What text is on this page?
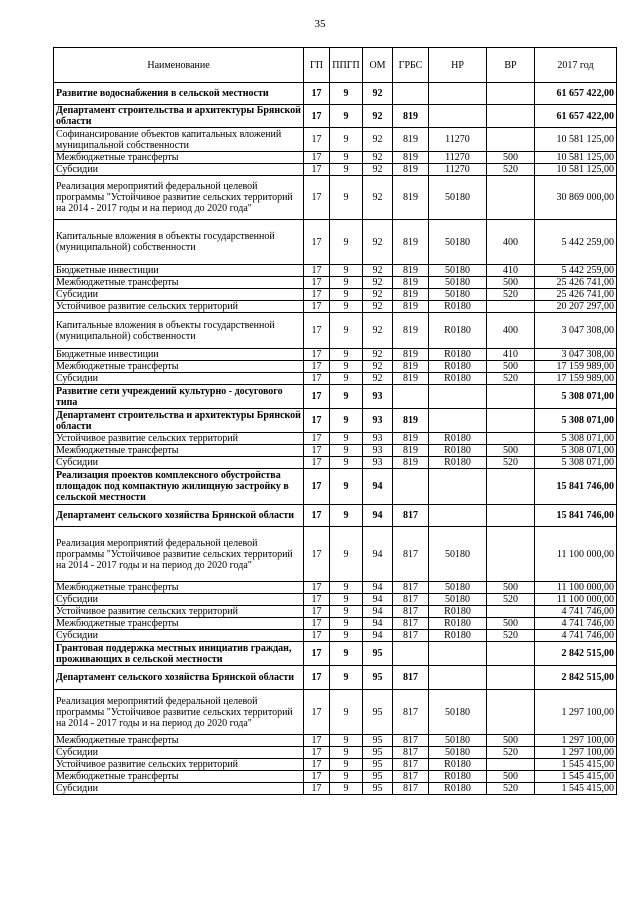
35
Наименование	ГП	ППГП	ОМ	ГРБС	НР	ВР	2017 год
Развитие водоснабжения в сельской местности	17	9	92				61 657 422,00
Департамент строительства и архитектуры Брянской области	17	9	92	819			61 657 422,00
Софинансирование объектов капитальных вложений муниципальной собственности	17	9	92	819	11270		10 581 125,00
Межбюджетные трансферты	17	9	92	819	11270	500	10 581 125,00
Субсидии	17	9	92	819	11270	520	10 581 125,00
Реализация мероприятий федеральной целевой программы "Устойчивое развитие сельских территорий на 2014 - 2017 годы и на период до 2020 года"	17	9	92	819	50180		30 869 000,00
Капитальные вложения в объекты государственной (муниципальной) собственности	17	9	92	819	50180	400	5 442 259,00
Бюджетные инвестиции	17	9	92	819	50180	410	5 442 259,00
Межбюджетные трансферты	17	9	92	819	50180	500	25 426 741,00
Субсидии	17	9	92	819	50180	520	25 426 741,00
Устойчивое развитие сельских территорий	17	9	92	819	R0180		20 207 297,00
Капитальные вложения в объекты государственной (муниципальной) собственности	17	9	92	819	R0180	400	3 047 308,00
Бюджетные инвестиции	17	9	92	819	R0180	410	3 047 308,00
Межбюджетные трансферты	17	9	92	819	R0180	500	17 159 989,00
Субсидии	17	9	92	819	R0180	520	17 159 989,00
Развитие сети учреждений культурно - досугового типа	17	9	93				5 308 071,00
Департамент строительства и архитектуры Брянской области	17	9	93	819			5 308 071,00
Устойчивое развитие сельских территорий	17	9	93	819	R0180		5 308 071,00
Межбюджетные трансферты	17	9	93	819	R0180	500	5 308 071,00
Субсидии	17	9	93	819	R0180	520	5 308 071,00
Реализация проектов комплексного обустройства площадок под компактную жилищную застройку в сельской местности	17	9	94				15 841 746,00
Департамент сельского хозяйства Брянской области	17	9	94	817			15 841 746,00
Реализация мероприятий федеральной целевой программы "Устойчивое развитие сельских территорий на 2014 - 2017 годы и на период до 2020 года"	17	9	94	817	50180		11 100 000,00
Межбюджетные трансферты	17	9	94	817	50180	500	11 100 000,00
Субсидии	17	9	94	817	50180	520	11 100 000,00
Устойчивое развитие сельских территорий	17	9	94	817	R0180		4 741 746,00
Межбюджетные трансферты	17	9	94	817	R0180	500	4 741 746,00
Субсидии	17	9	94	817	R0180	520	4 741 746,00
Грантовая поддержка местных инициатив граждан, проживающих в сельской местности	17	9	95				2 842 515,00
Департамент сельского хозяйства Брянской области	17	9	95	817			2 842 515,00
Реализация мероприятий федеральной целевой программы "Устойчивое развитие сельских территорий на 2014 - 2017 годы и на период до 2020 года"	17	9	95	817	50180		1 297 100,00
Межбюджетные трансферты	17	9	95	817	50180	500	1 297 100,00
Субсидии	17	9	95	817	50180	520	1 297 100,00
Устойчивое развитие сельских территорий	17	9	95	817	R0180		1 545 415,00
Межбюджетные трансферты	17	9	95	817	R0180	500	1 545 415,00
Субсидии	17	9	95	817	R0180	520	1 545 415,00
